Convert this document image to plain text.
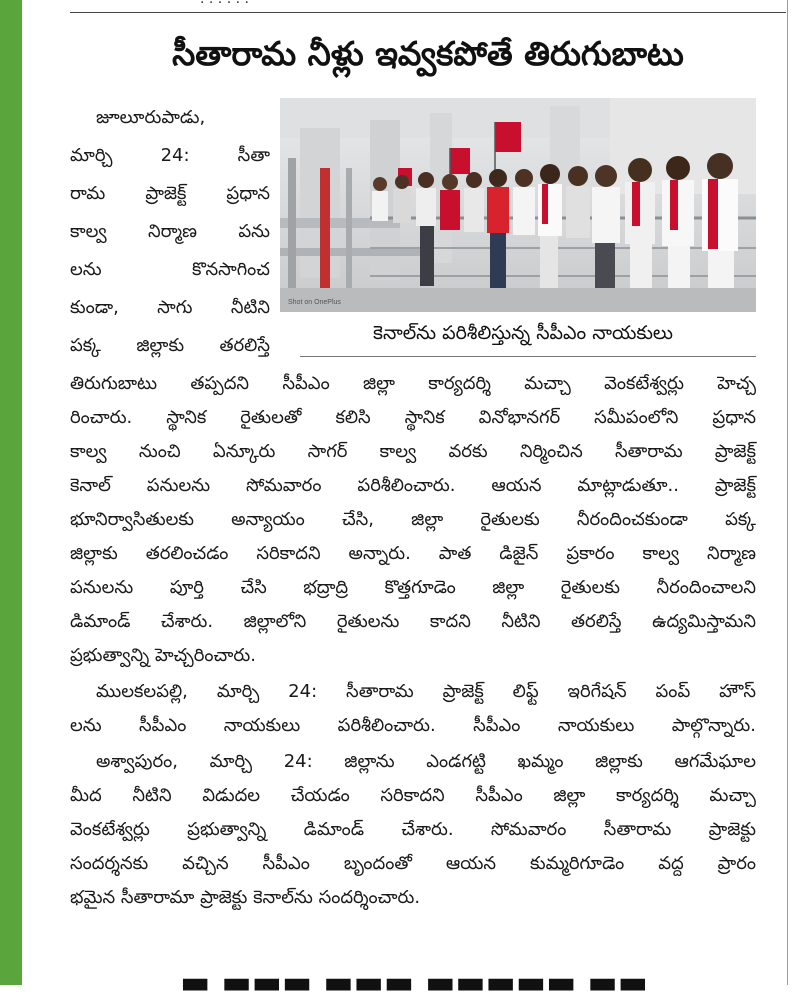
సీతారామ నీళ్లు ఇవ్వకపోతే తిరుగుబాటు
జూలూరుపాడు,
మార్చి 24: సీతా
రామ ప్రాజెక్ట్ ప్రధాన
కాల్వ నిర్మాణ పను
లను కొనసాగించ
కుండా, సాగు నీటిని
పక్క జిల్లాకు తరలిస్తే
Shot on OnePlus
కెనాల్‌ను పరిశీలిస్తున్న సీపీఎం నాయకులు
తిరుగుబాటు తప్పదని సీపీఎం జిల్లా కార్యదర్శి మచ్చా వెంకటేశ్వర్లు హెచ్చ
రించారు. స్థానిక రైతులతో కలిసి స్థానిక వినోభానగర్ సమీపంలోని ప్రధాన
కాల్వ నుంచి ఏన్కూరు సాగర్ కాల్వ వరకు నిర్మించిన సీతారామ ప్రాజెక్ట్
కెనాల్ పనులను సోమవారం పరిశీలించారు. ఆయన మాట్లాడుతూ.. ప్రాజెక్ట్
భూనిర్వాసితులకు అన్యాయం చేసి, జిల్లా రైతులకు నీరందించకుండా పక్క
జిల్లాకు తరలించడం సరికాదని అన్నారు. పాత డిజైన్ ప్రకారం కాల్వ నిర్మాణ
పనులను పూర్తి చేసి భద్రాద్రి కొత్తగూడెం జిల్లా రైతులకు నీరందించాలని
డిమాండ్ చేశారు. జిల్లాలోని రైతులను కాదని నీటిని తరలిస్తే ఉద్యమిస్తామని
ప్రభుత్వాన్ని హెచ్చరించారు.
ములకలపల్లి, మార్చి 24: సీతారామ ప్రాజెక్ట్ లిఫ్ట్ ఇరిగేషన్ పంప్ హౌస్
లను సీపీఎం నాయకులు పరిశీలించారు. సీపీఎం నాయకులు పాల్గొన్నారు.
అశ్వాపురం, మార్చి 24: జిల్లాను ఎండగట్టి ఖమ్మం జిల్లాకు ఆగమేఘాల
మీద నీటిని విడుదల చేయడం సరికాదని సీపీఎం జిల్లా కార్యదర్శి మచ్చా
వెంకటేశ్వర్లు ప్రభుత్వాన్ని డిమాండ్ చేశారు. సోమవారం సీతారామ ప్రాజెక్టు
సందర్శనకు వచ్చిన సీపీఎం బృందంతో ఆయన కుమ్మరిగూడెం వద్ద ప్రారం
భమైన సీతారామా ప్రాజెక్టు కెనాల్‌ను సందర్శించారు.
▬ ▬▬▬ ▬▬▬ ▬▬▬▬▬ ▬▬
